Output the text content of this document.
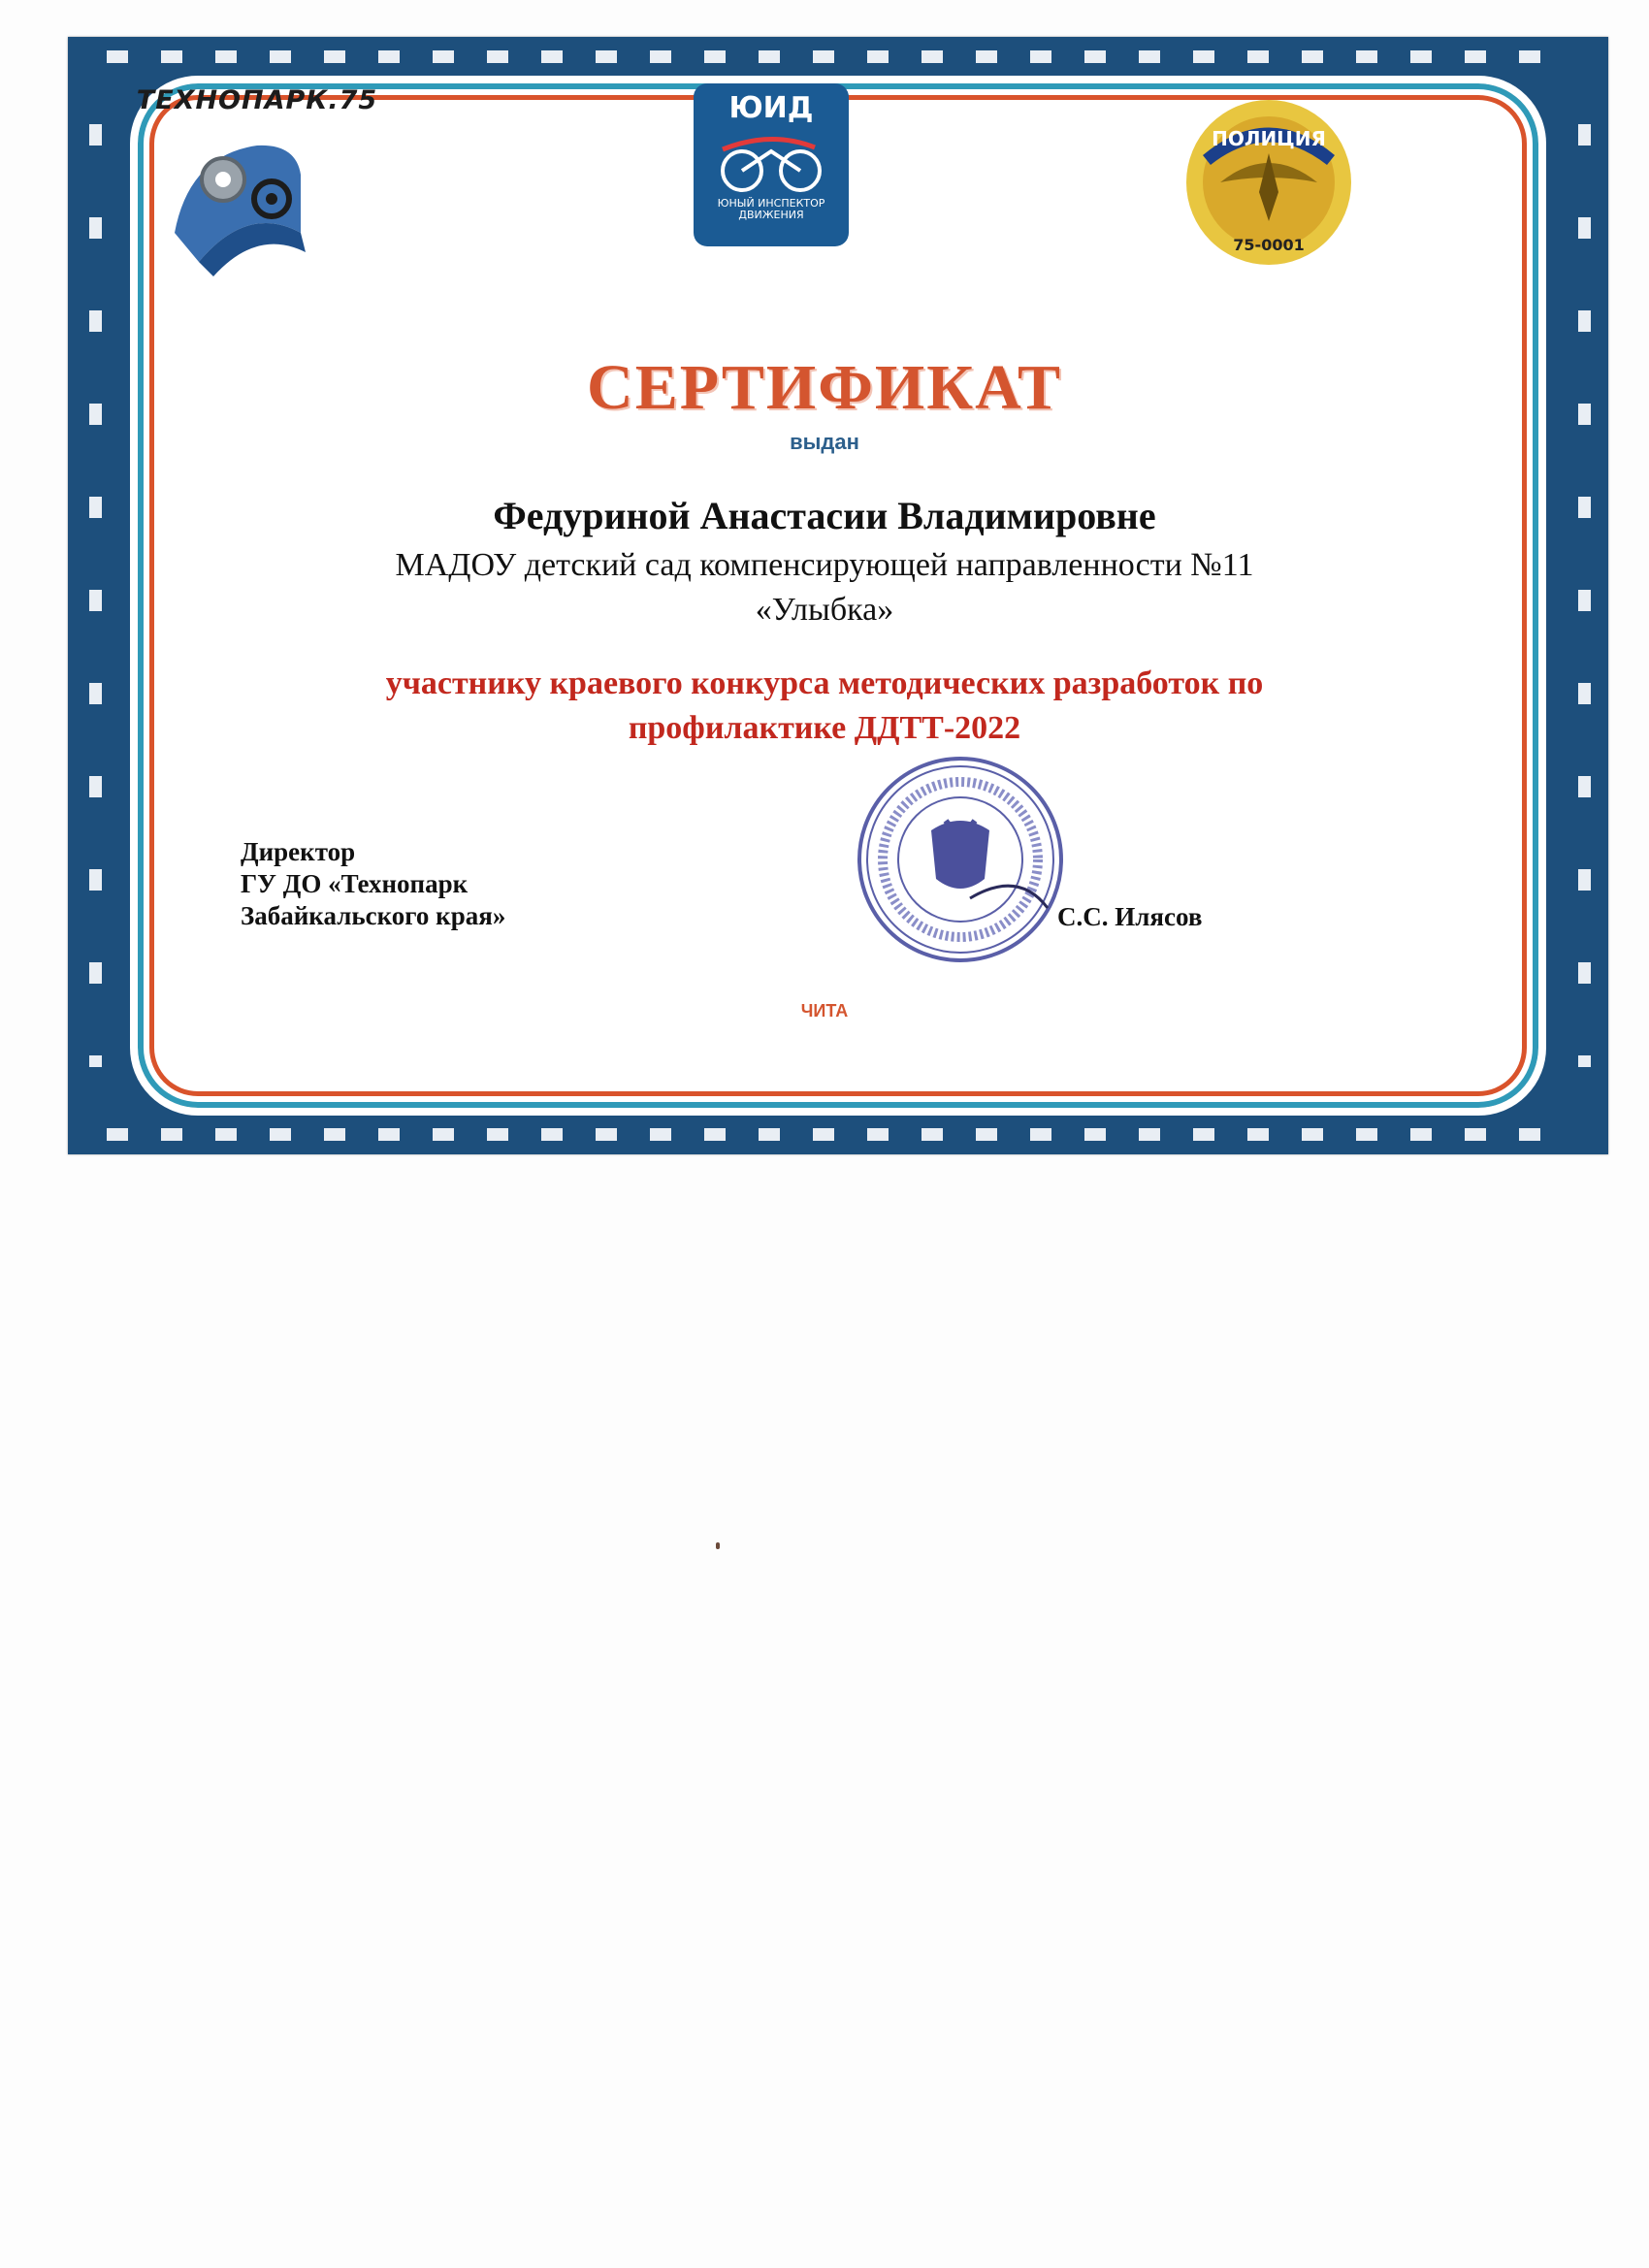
ТЕХНОПАРК.75	ЮИД
ЮНЫЙ ИНСПЕКТОР ДВИЖЕНИЯ
ПОЛИЦИЯ
75-0001
СЕРТИФИКАТ
выдан
Федуриной Анастасии Владимировне
МАДОУ детский сад компенсирующей направленности №11
«Улыбка»
участнику краевого конкурса методических разработок по
профилактике ДДТТ-2022
Директор
ГУ ДО «Технопарк
Забайкальского края»	С.С. Илясов
ЧИТА
